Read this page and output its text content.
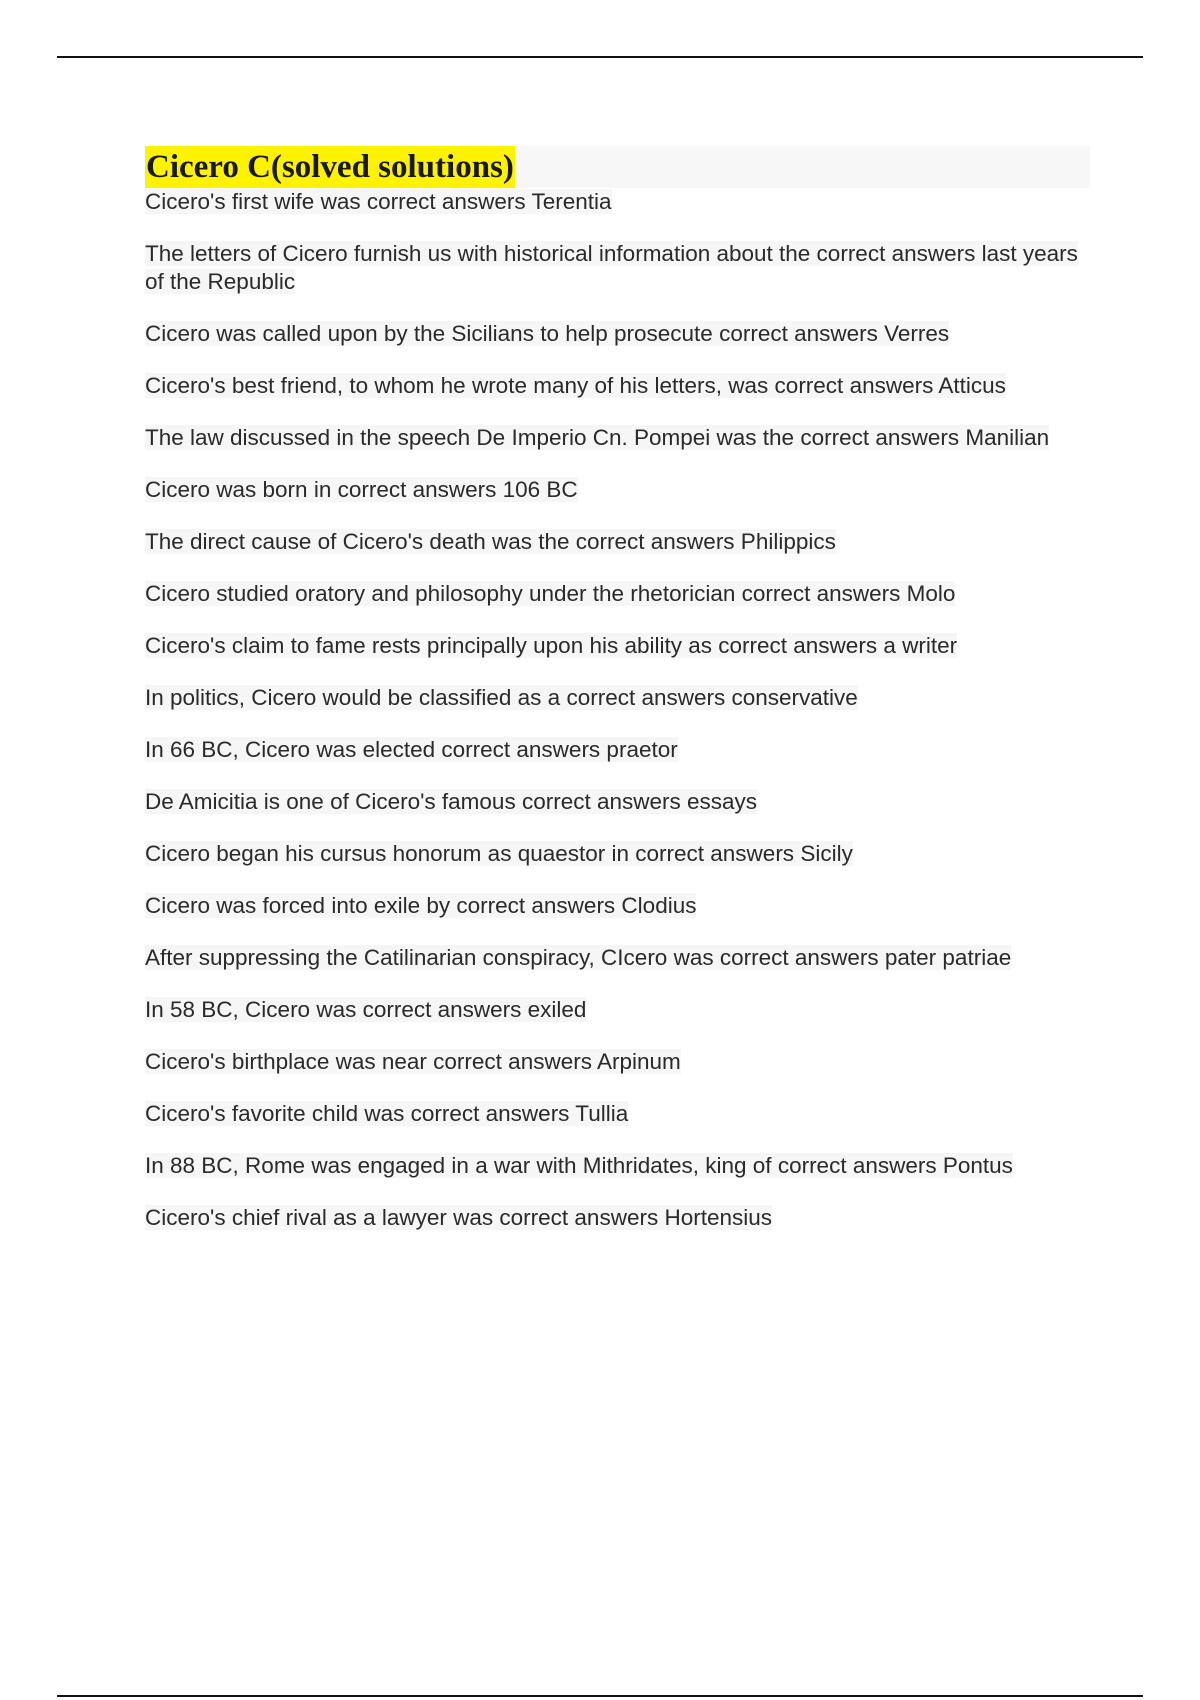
Cicero C(solved solutions)
Cicero's first wife was correct answers Terentia
The letters of Cicero furnish us with historical information about the correct answers last years of the Republic
Cicero was called upon by the Sicilians to help prosecute correct answers Verres
Cicero's best friend, to whom he wrote many of his letters, was correct answers Atticus
The law discussed in the speech De Imperio Cn. Pompei was the correct answers Manilian
Cicero was born in correct answers 106 BC
The direct cause of Cicero's death was the correct answers Philippics
Cicero studied oratory and philosophy under the rhetorician correct answers Molo
Cicero's claim to fame rests principally upon his ability as correct answers a writer
In politics, Cicero would be classified as a correct answers conservative
In 66 BC, Cicero was elected correct answers praetor
De Amicitia is one of Cicero's famous correct answers essays
Cicero began his cursus honorum as quaestor in correct answers Sicily
Cicero was forced into exile by correct answers Clodius
After suppressing the Catilinarian conspiracy, CIcero was correct answers pater patriae
In 58 BC, Cicero was correct answers exiled
Cicero's birthplace was near correct answers Arpinum
Cicero's favorite child was correct answers Tullia
In 88 BC, Rome was engaged in a war with Mithridates, king of correct answers Pontus
Cicero's chief rival as a lawyer was correct answers Hortensius
